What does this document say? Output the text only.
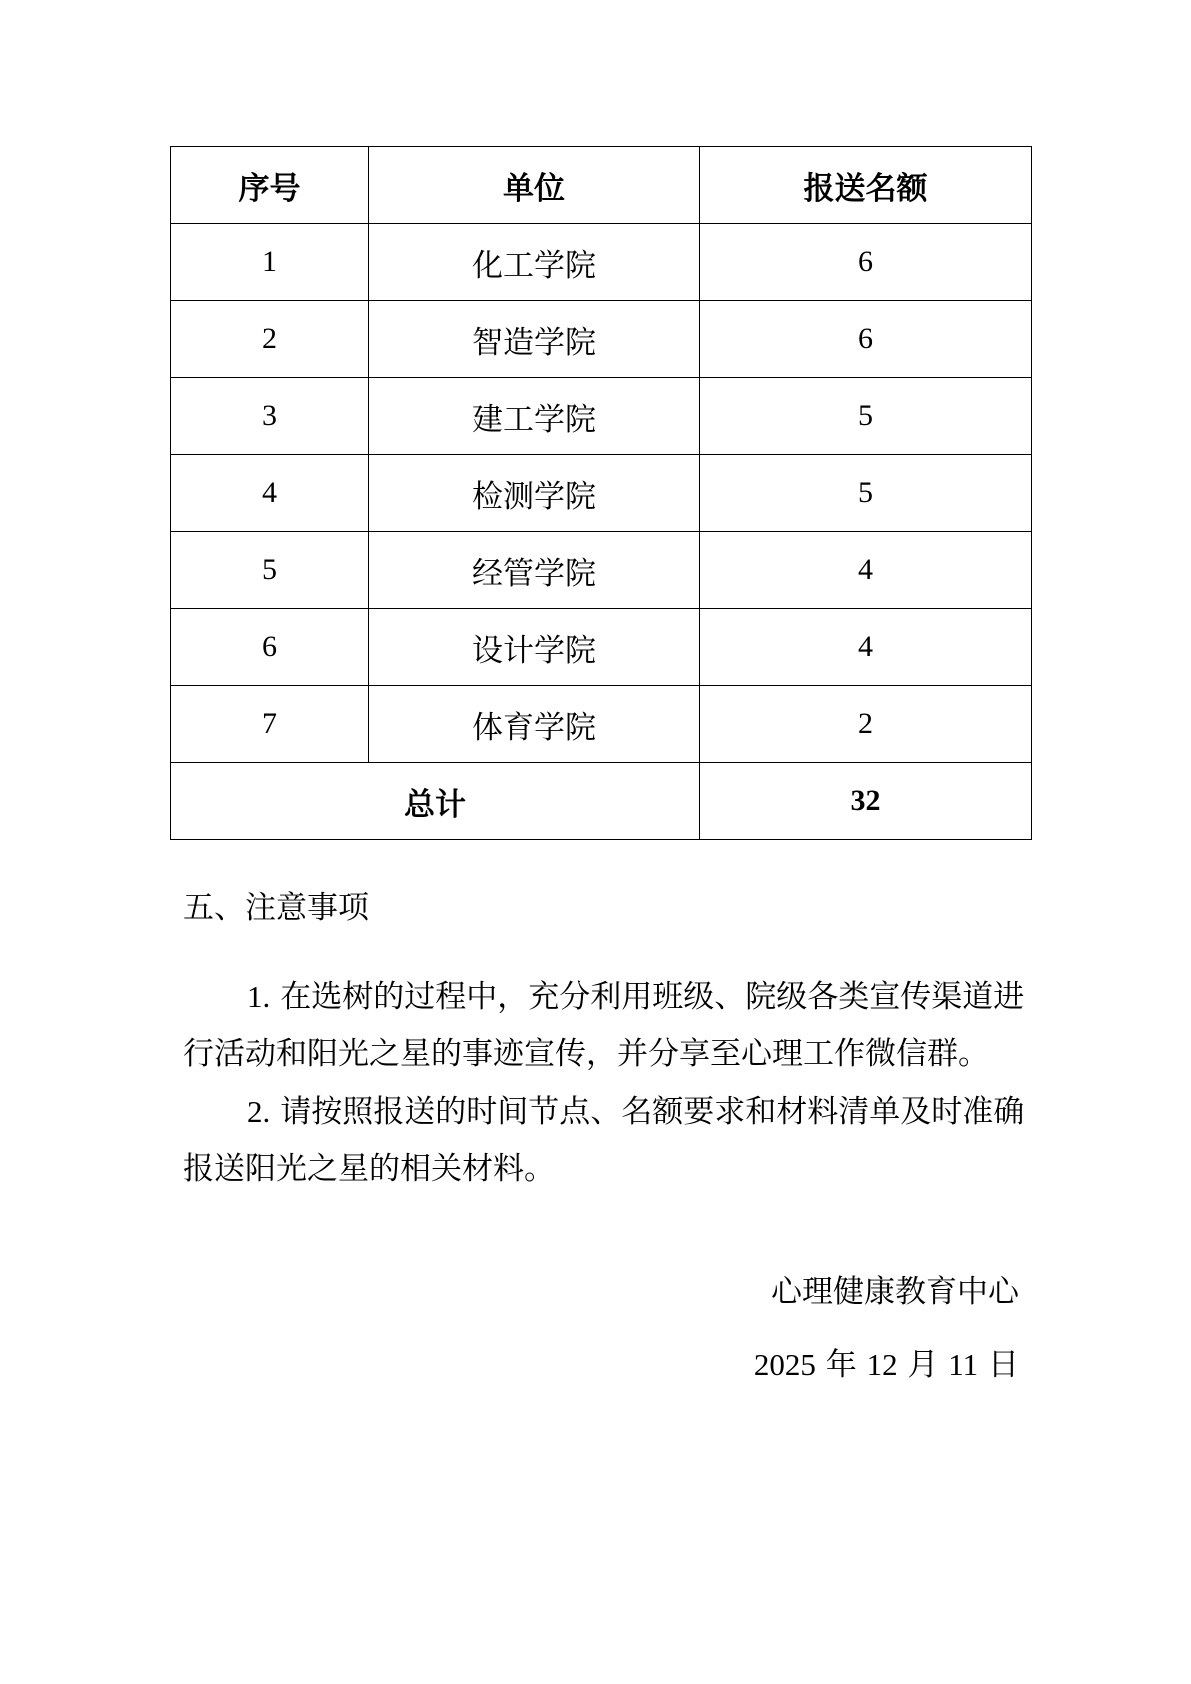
序号	单位	报送名额
1	化工学院	6
2	智造学院	6
3	建工学院	5
4	检测学院	5
5	经管学院	4
6	设计学院	4
7	体育学院	2
总计		32
五、注意事项

1. 在选树的过程中，充分利用班级、院级各类宣传渠道进行活动和阳光之星的事迹宣传，并分享至心理工作微信群。

2. 请按照报送的时间节点、名额要求和材料清单及时准确报送阳光之星的相关材料。

心理健康教育中心
2025 年 12 月 11 日
